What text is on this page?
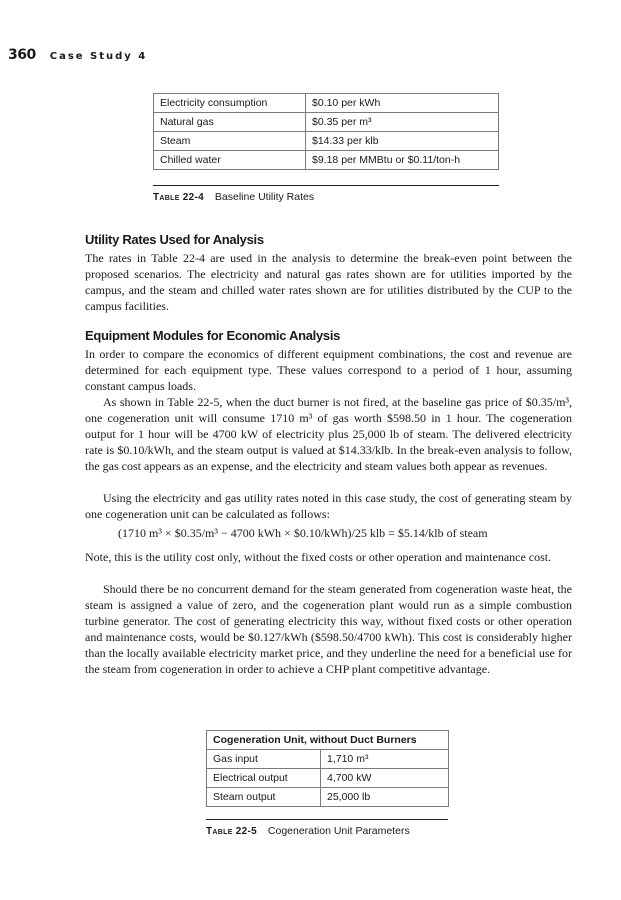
360 Case Study 4
Electricity consumption	$0.10 per kWh
Natural gas	$0.35 per m³
Steam	$14.33 per klb
Chilled water	$9.18 per MMBtu or $0.11/ton-h
Table 22-4 Baseline Utility Rates
Utility Rates Used for Analysis

The rates in Table 22-4 are used in the analysis to determine the break-even point between the proposed scenarios. The electricity and natural gas rates shown are for utilities imported by the campus, and the steam and chilled water rates shown are for utilities distributed by the CUP to the campus facilities.

Equipment Modules for Economic Analysis

In order to compare the economics of different equipment combinations, the cost and revenue are determined for each equipment type. These values correspond to a period of 1 hour, assuming constant campus loads.

As shown in Table 22-5, when the duct burner is not fired, at the baseline gas price of $0.35/m³, one cogeneration unit will consume 1710 m³ of gas worth $598.50 in 1 hour. The cogeneration output for 1 hour will be 4700 kW of electricity plus 25,000 lb of steam. The delivered electricity rate is $0.10/kWh, and the steam output is valued at $14.33/klb. In the break-even analysis to follow, the gas cost appears as an expense, and the electricity and steam values both appear as revenues.

Using the electricity and gas utility rates noted in this case study, the cost of generating steam by one cogeneration unit can be calculated as follows:

(1710 m³ × $0.35/m³ − 4700 kWh × $0.10/kWh)/25 klb = $5.14/klb of steam

Note, this is the utility cost only, without the fixed costs or other operation and maintenance cost.

Should there be no concurrent demand for the steam generated from cogeneration waste heat, the steam is assigned a value of zero, and the cogeneration plant would run as a simple combustion turbine generator. The cost of generating electricity this way, without fixed costs or other operation and maintenance costs, would be $0.127/kWh ($598.50/4700 kWh). This cost is considerably higher than the locally available electricity market price, and they underline the need for a beneficial use for the steam from cogeneration in order to achieve a CHP plant competitive advantage.

Cogeneration Unit, without Duct Burners	
Gas input	1,710 m³
Electrical output	4,700 kW
Steam output	25,000 lb
Table 22-5 Cogeneration Unit Parameters
